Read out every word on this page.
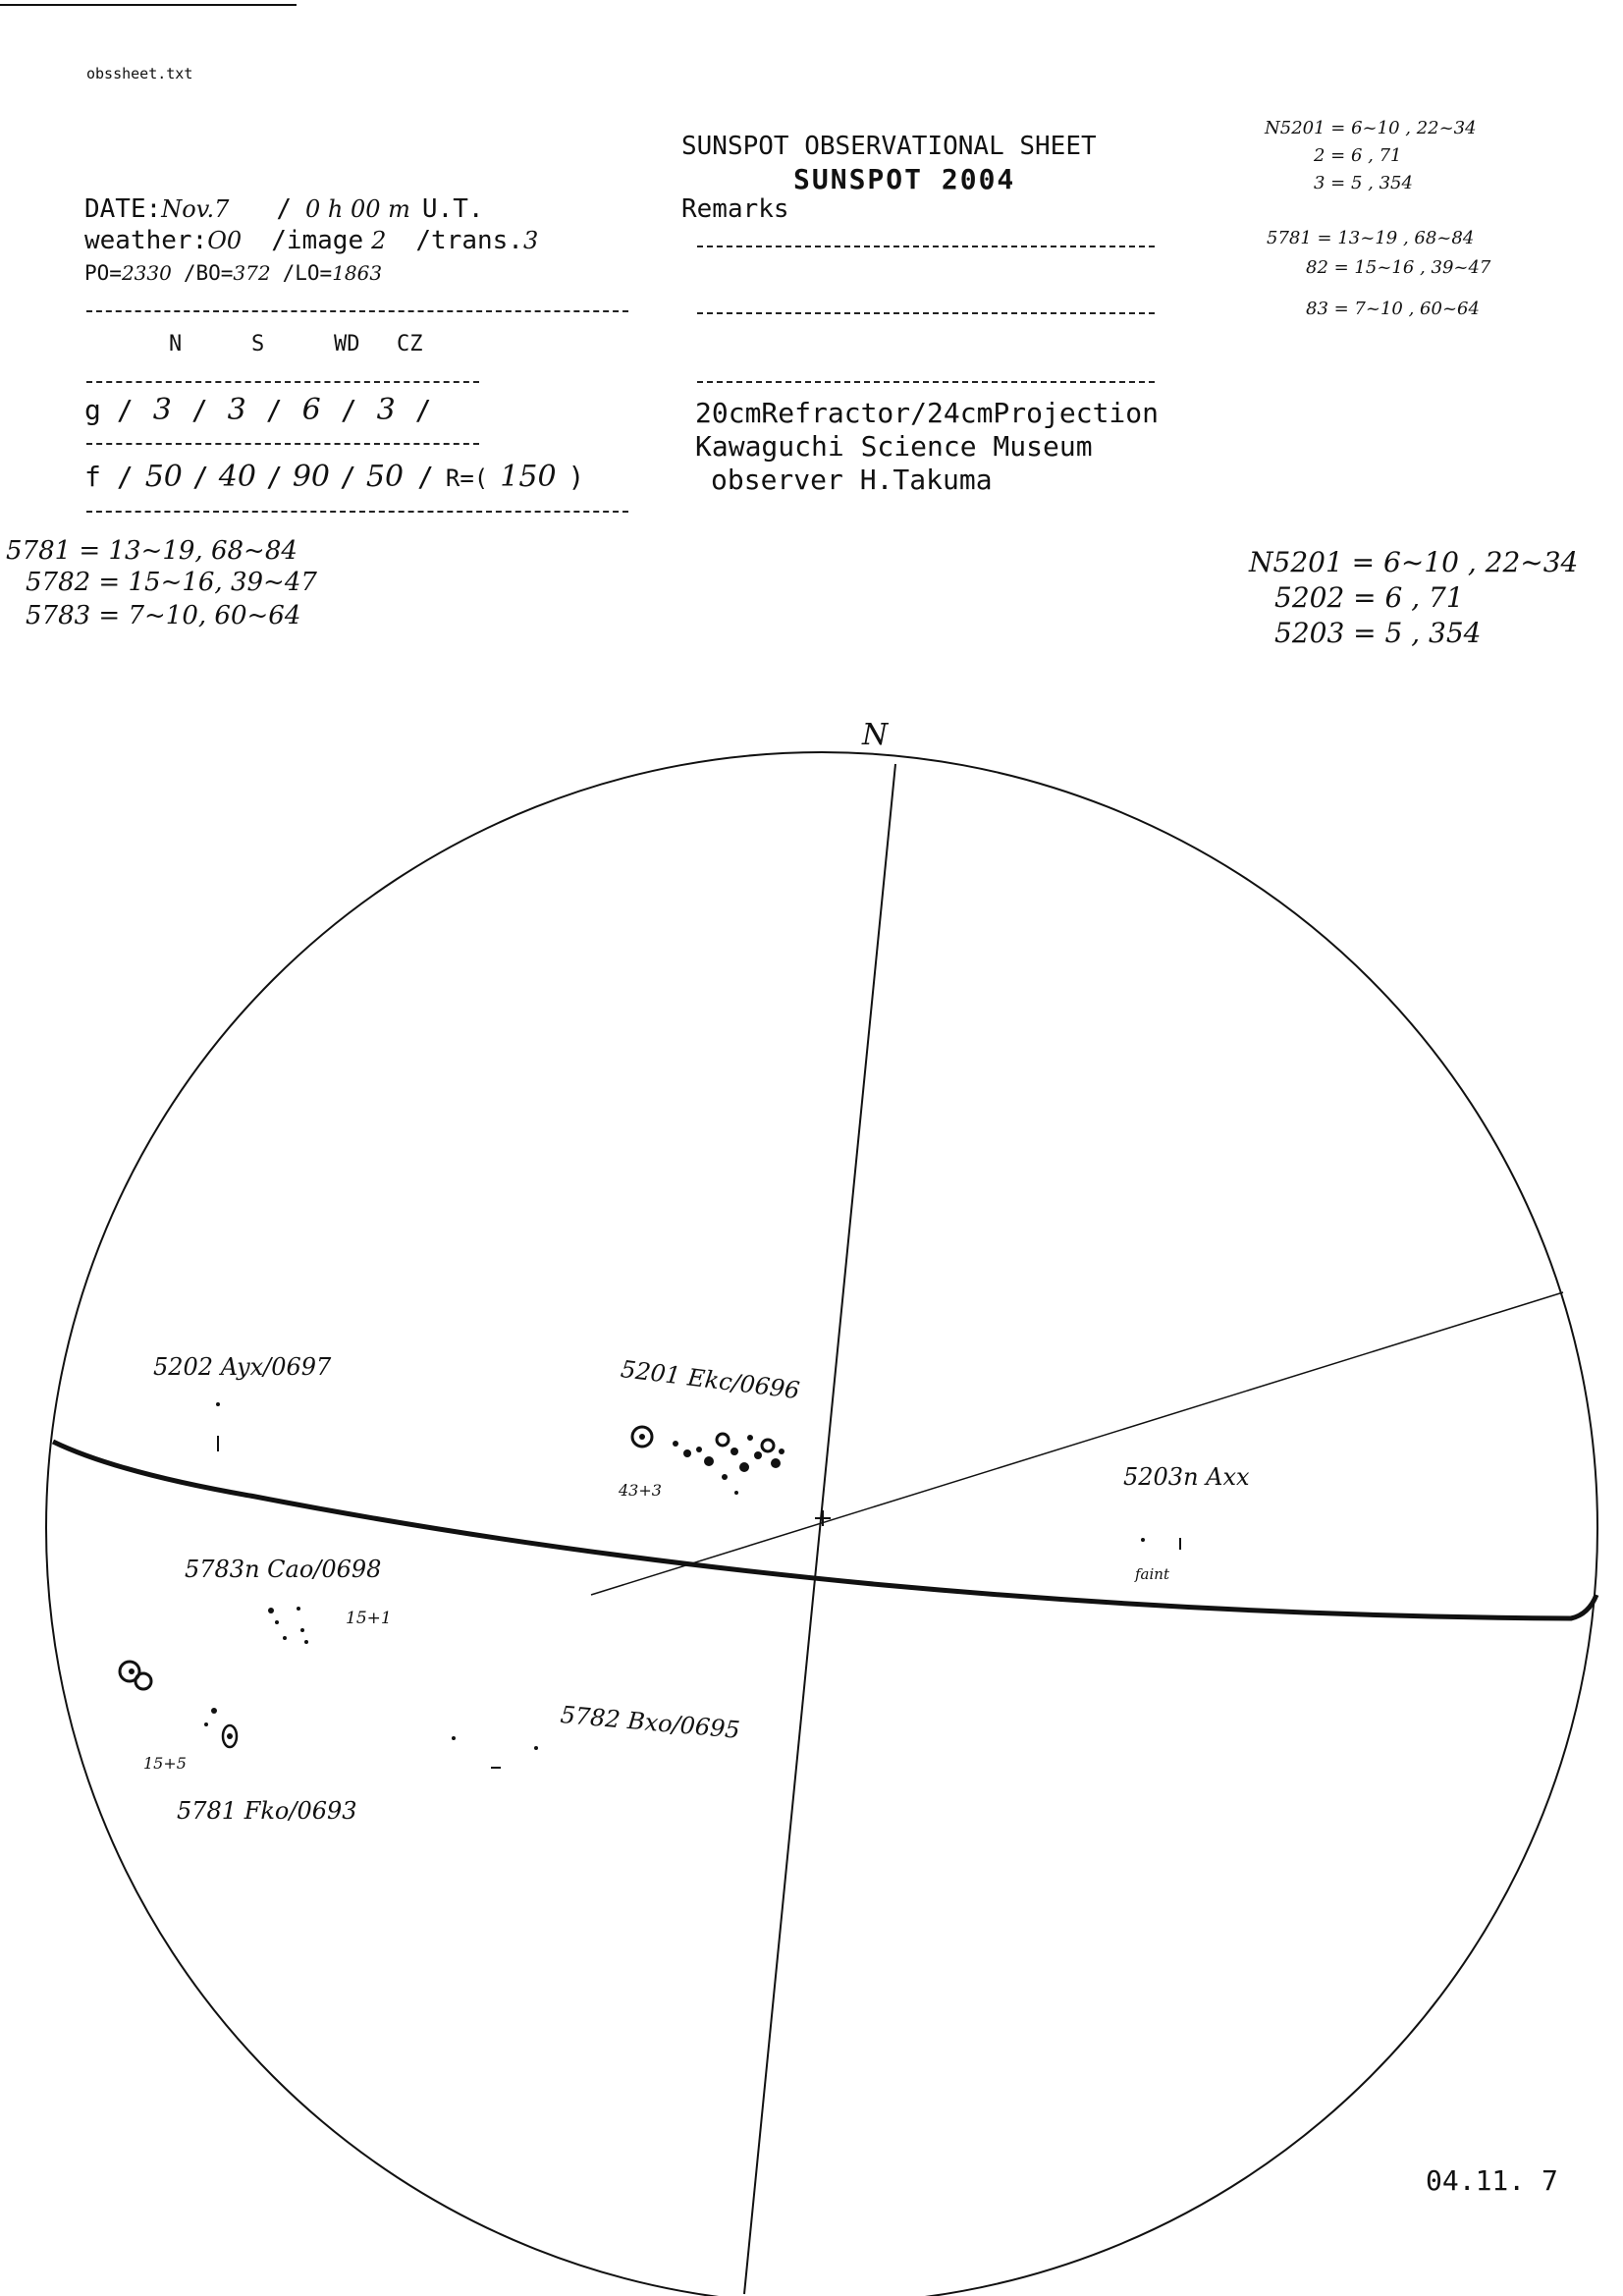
obssheet.txt
SUNSPOT OBSERVATIONAL SHEET
SUNSPOT 2004
Remarks
DATE:Nov.7 / 0 h 00 m U.T.
weather:O0 /image 2 /trans.3
PO=2330 /BO=372 /LO=1863
N	S	WD CZ
g / 3 / 3 / 6 / 3 /
f / 50 / 40 / 90 / 50 / R=( 150 )
20cmRefractor/24cmProjection
Kawaguchi Science Museum
observer H.Takuma
N5201 = 6~10 , 22~34
2 = 6 , 71
3 = 5 , 354
5781 = 13~19 , 68~84
82 = 15~16 , 39~47
83 = 7~10 , 60~64
5781 = 13~19, 68~84
5782 = 15~16, 39~47
5783 = 7~10, 60~64
N5201 = 6~10 , 22~34
5202 = 6 , 71
5203 = 5 , 354
N
5202 Ayx/0697	5201 Ekc/0696
43+3	5203n Axx
faint
5783n Cao/0698
15+1
5782 Bxo/0695
5781 Fko/0693
15+5
04.11. 7
